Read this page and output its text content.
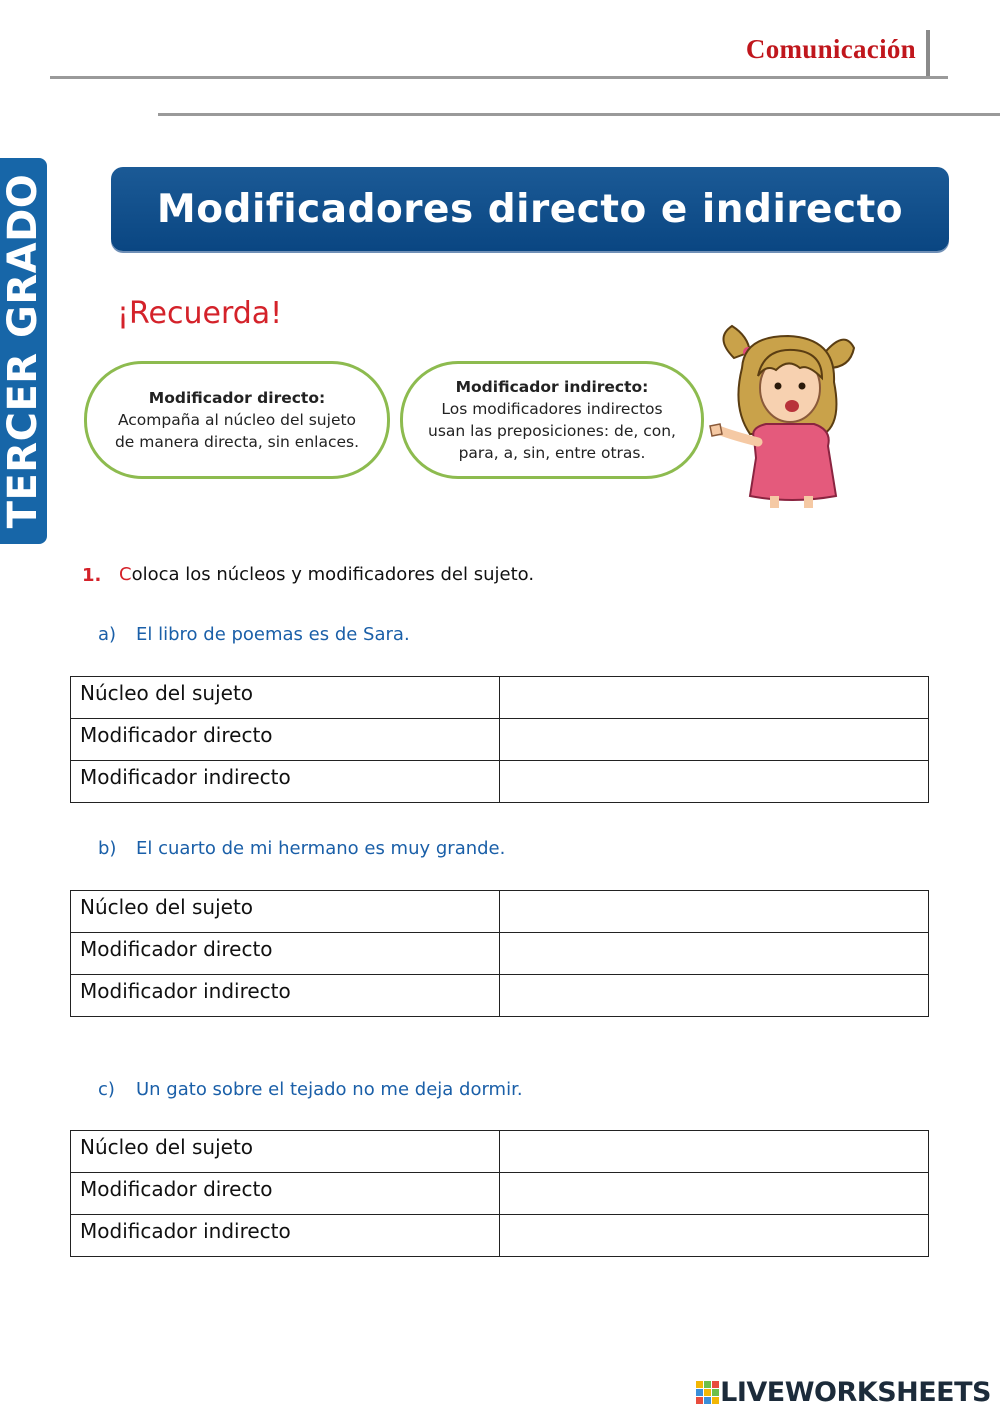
Comunicación
TERCER GRADO	Modificadores directo e indirecto
¡Recuerda!
Modificador directo:
Acompaña al núcleo del sujeto
de manera directa, sin enlaces.
Modificador indirecto:
Los modificadores indirectos
usan las preposiciones: de, con,
para, a, sin, entre otras.
1. Coloca los núcleos y modificadores del sujeto.
a) El libro de poemas es de Sara.
Núcleo del sujeto	
Modificador directo	
Modificador indirecto	
b) El cuarto de mi hermano es muy grande.
Núcleo del sujeto	
Modificador directo	
Modificador indirecto	
c) Un gato sobre el tejado no me deja dormir.
Núcleo del sujeto	
Modificador directo	
Modificador indirecto	
LIVEWORKSHEETS
